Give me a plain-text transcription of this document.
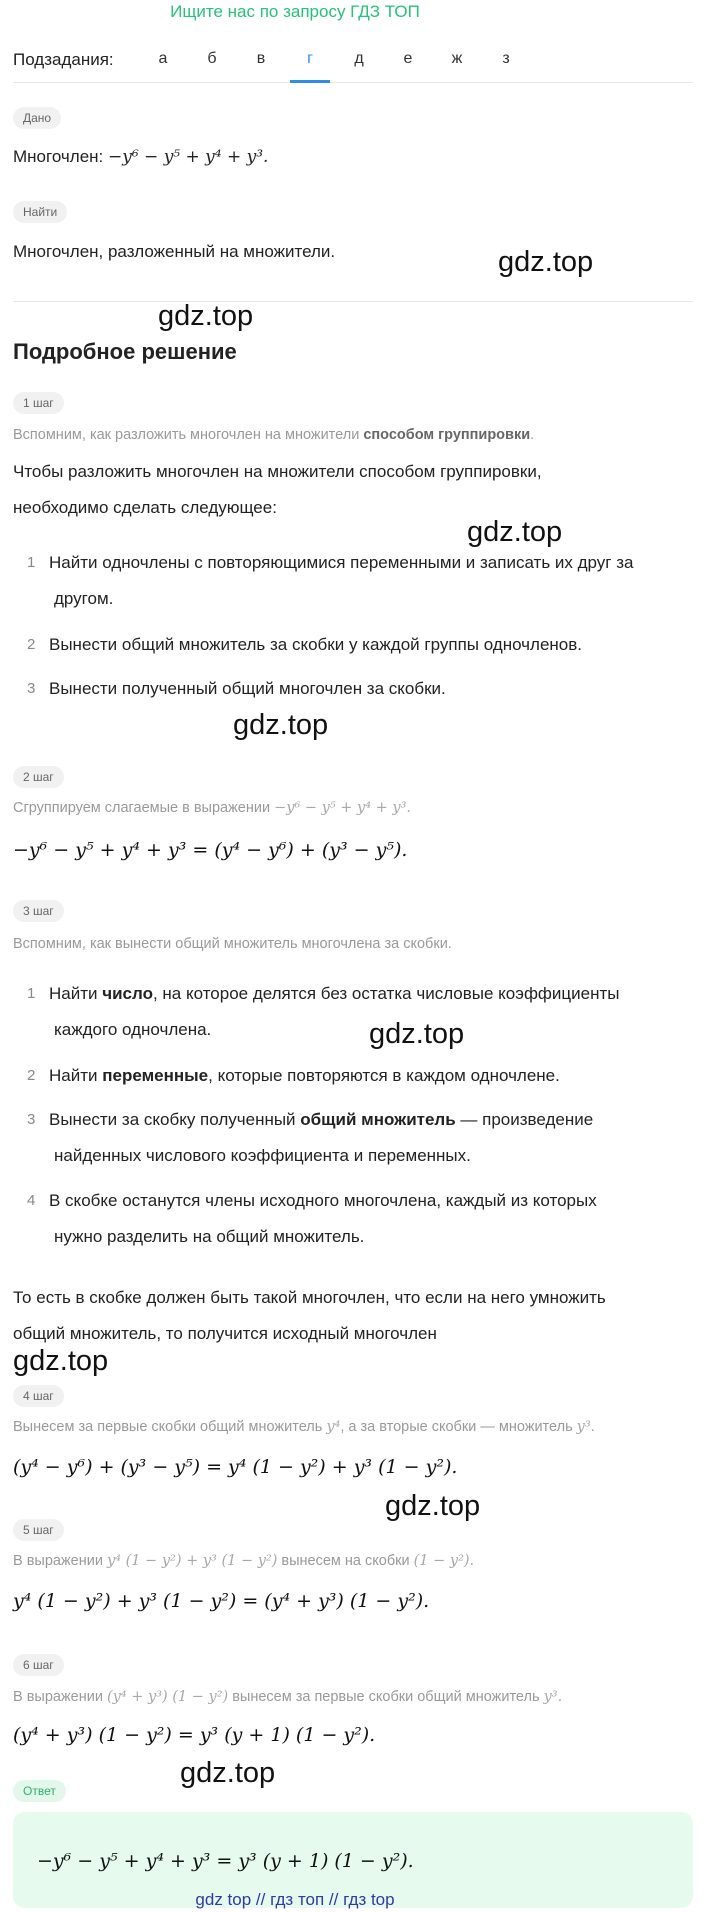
Ищите нас по запросу ГДЗ ТОП
Подзадания:	а	б	в	г	д	е	ж	з
Дано
Многочлен: −y⁶ − y⁵ + y⁴ + y³.
Найти
Многочлен, разложенный на множители.	gdz.top
gdz.top
Подробное решение
1 шаг
Вспомним, как разложить многочлен на множители способом группировки.
Чтобы разложить многочлен на множители способом группировки,
необходимо сделать следующее:
gdz.top
1 Найти одночлены с повторяющимися переменными и записать их друг за
другом.
2 Вынести общий множитель за скобки у каждой группы одночленов.
3 Вынести полученный общий многочлен за скобки.
gdz.top
2 шаг
Сгруппируем слагаемые в выражении −y⁶ − y⁵ + y⁴ + y³.
−y⁶ − y⁵ + y⁴ + y³ = (y⁴ − y⁶) + (y³ − y⁵).
3 шаг
Вспомним, как вынести общий множитель многочлена за скобки.
1 Найти число, на которое делятся без остатка числовые коэффициенты
каждого одночлена.	gdz.top
2 Найти переменные, которые повторяются в каждом одночлене.
3 Вынести за скобку полученный общий множитель — произведение
найденных числового коэффициента и переменных.
4 В скобке останутся члены исходного многочлена, каждый из которых
нужно разделить на общий множитель.
То есть в скобке должен быть такой многочлен, что если на него умножить
общий множитель, то получится исходный многочлен
gdz.top
4 шаг
Вынесем за первые скобки общий множитель y⁴, а за вторые скобки — множитель y³.
(y⁴ − y⁶) + (y³ − y⁵) = y⁴ (1 − y²) + y³ (1 − y²).
gdz.top
5 шаг
В выражении y⁴ (1 − y²) + y³ (1 − y²) вынесем на скобки (1 − y²).
y⁴ (1 − y²) + y³ (1 − y²) = (y⁴ + y³) (1 − y²).
6 шаг
В выражении (y⁴ + y³) (1 − y²) вынесем за первые скобки общий множитель y³.
(y⁴ + y³) (1 − y²) = y³ (y + 1) (1 − y²).
gdz.top
Ответ
−y⁶ − y⁵ + y⁴ + y³ = y³ (y + 1) (1 − y²).
gdz top // гдз топ // гдз top
